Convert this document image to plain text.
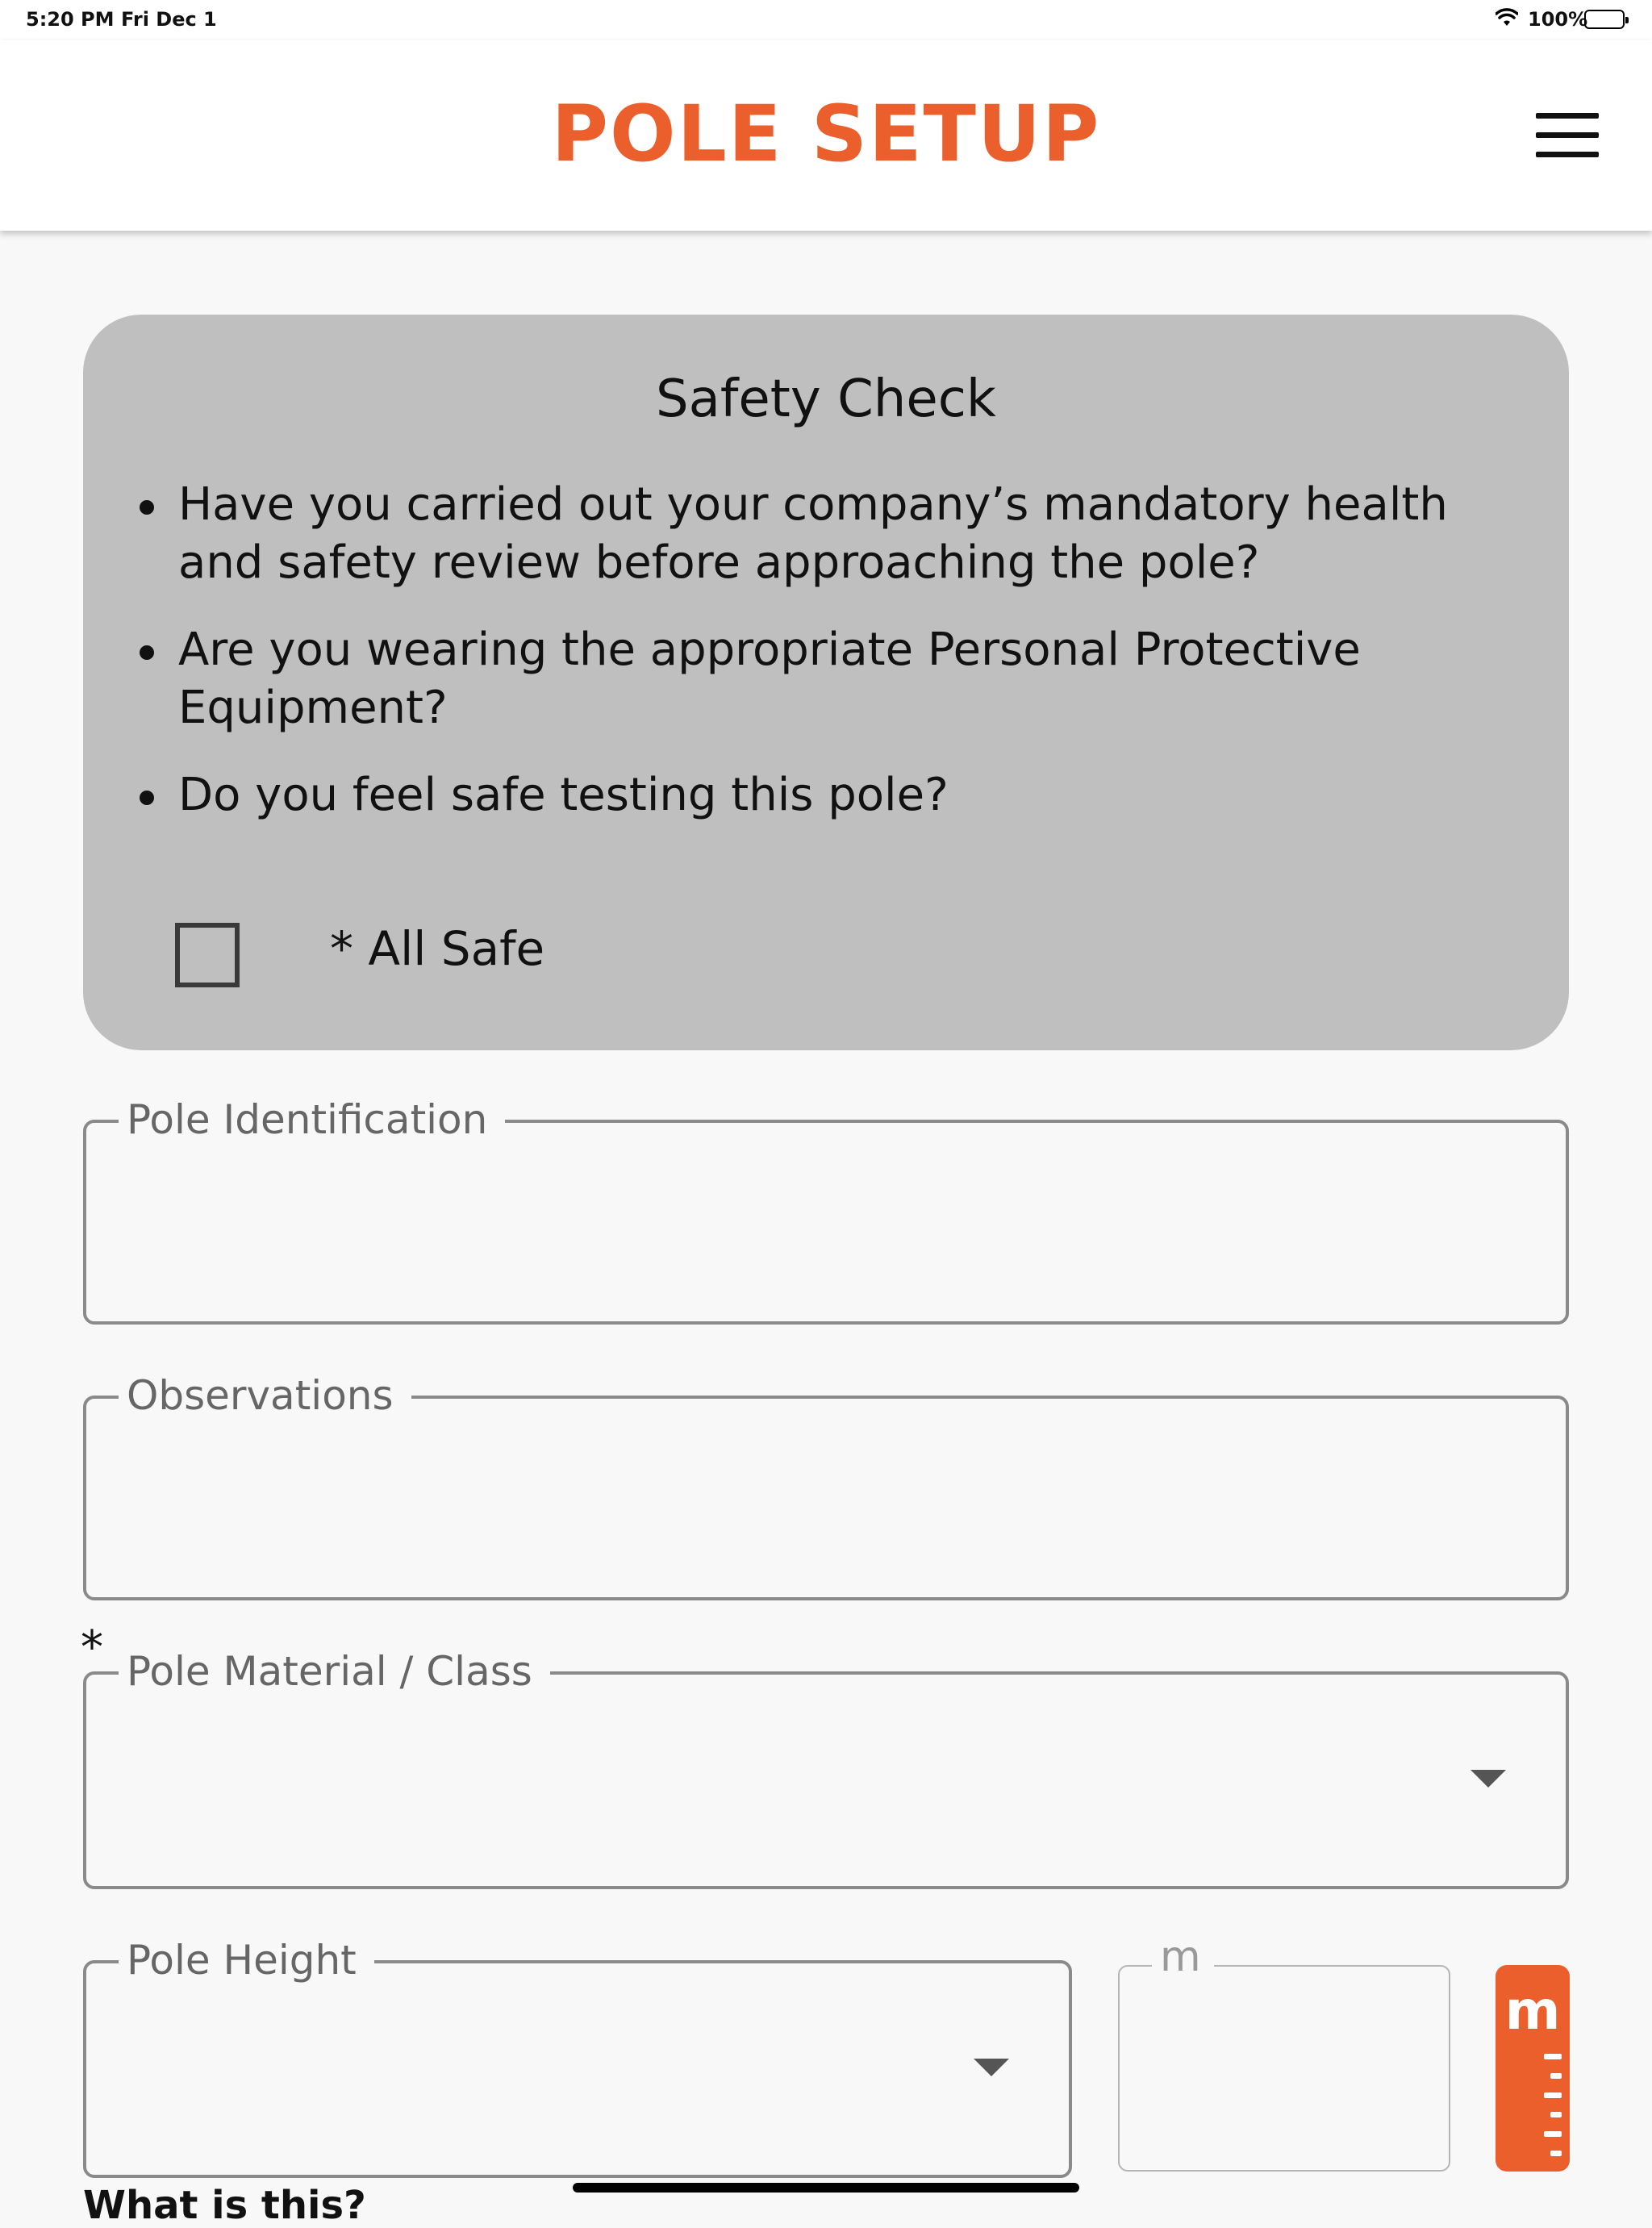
5:20 PM Fri Dec 1	100%
POLE SETUP
Safety Check
Have you carried out your company’s mandatory health and safety review before approaching the pole?
Are you wearing the appropriate Personal Protective Equipment?
Do you feel safe testing this pole?
* All Safe
Pole Identification
Observations
* Pole Material / Class
Pole Height	m
m
What is this?
